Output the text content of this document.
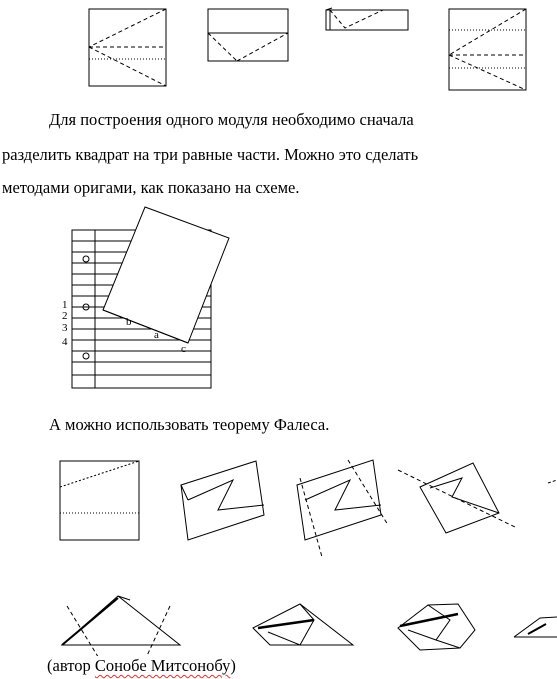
Для построения одного модуля необходимо сначала
разделить квадрат на три равные части. Можно это сделать
методами оригами, как показано на схеме.
1
2
3
4
b
a
c
А можно использовать теорему Фалеса.
(автор Сонобе Митсонобу)
